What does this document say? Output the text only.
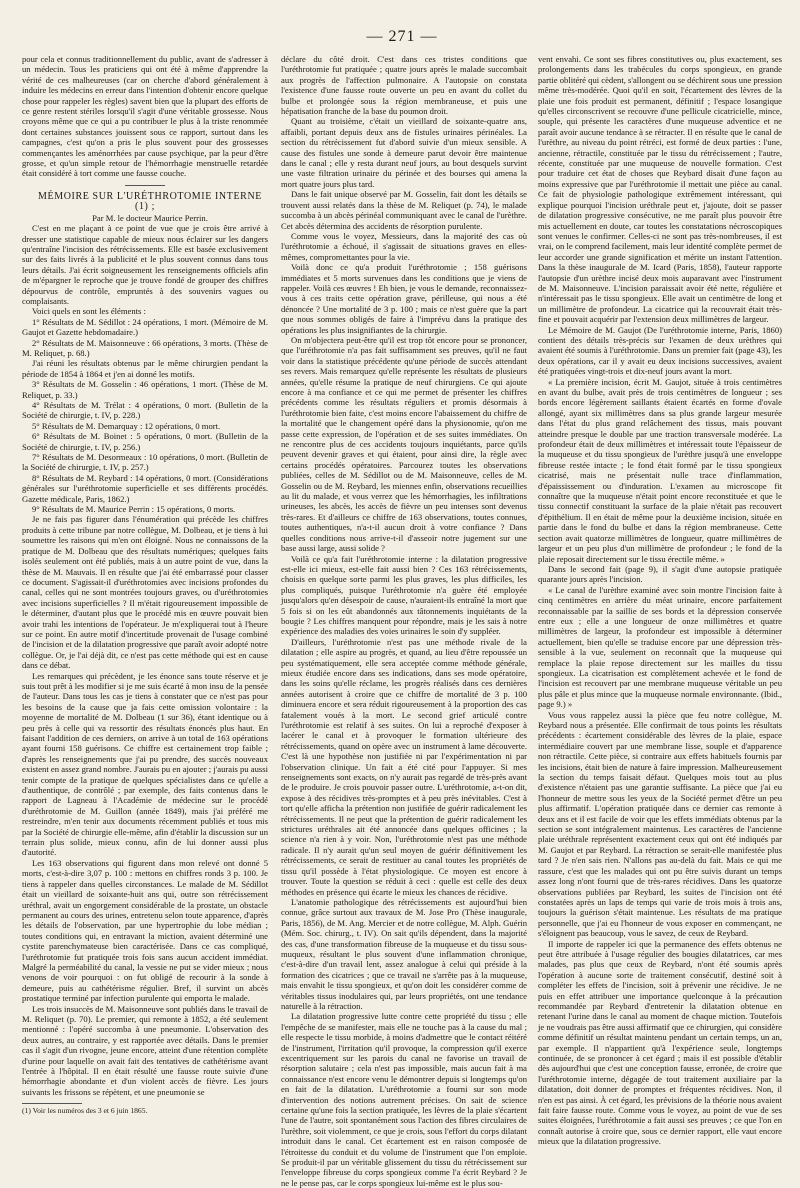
— 271 —

pour cela et connus traditionnellement du public, avant de s'adresser à un médecin. Tous les praticiens qui ont été à même d'apprendre la vérité de ces malheureuses (car on cherche d'abord généralement à induire les médecins en erreur dans l'intention d'obtenir encore quelque chose pour rappeler les règles) savent bien que la plupart des efforts de ce genre restent stériles lorsqu'il s'agit d'une véritable grossesse. Nous croyons même que ce qui a pu contribuer le plus à la triste renommée dont certaines substances jouissent sous ce rapport, surtout dans les campagnes, c'est qu'on a pris le plus souvent pour des grossesses commençantes les aménorrhées par cause psychique, par la peur d'être grosse, et qu'un simple retour de l'hémorrhagie menstruelle retardée était considéré à tort comme une fausse couche.

MÉMOIRE SUR L'URÉTHROTOMIE INTERNE (1) ;

Par M. le docteur Maurice Perrin.

C'est en me plaçant à ce point de vue que je crois être arrivé à dresser une statistique capable de mieux nous éclairer sur les dangers qu'entraîne l'incision des rétrécissements. Elle est basée exclusivement sur des faits livrés à la publicité et le plus souvent connus dans tous leurs détails. J'ai écrit soigneusement les renseignements officiels afin de m'épargner le reproche que je trouve fondé de grouper des chiffres dépourvus de contrôle, empruntés à des souvenirs vagues ou complaisants.

Voici quels en sont les éléments :

1° Résultats de M. Sédillot : 24 opérations, 1 mort. (Mémoire de M. Gaujot et Gazette hebdomadaire.)

2° Résultats de M. Maisonneuve : 66 opérations, 3 morts. (Thèse de M. Reliquet, p. 68.)

J'ai réuni les résultats obtenus par le même chirurgien pendant la période de 1854 à 1864 et j'en ai donné les motifs.

3° Résultats de M. Gosselin : 46 opérations, 1 mort. (Thèse de M. Reliquet, p. 33.)

4° Résultats de M. Trélat : 4 opérations, 0 mort. (Bulletin de la Société de chirurgie, t. IV, p. 228.)

5° Résultats de M. Demarquay : 12 opérations, 0 mort.

6° Résultats de M. Boinet : 5 opérations, 0 mort. (Bulletin de la Société de chirurgie, t. IV, p. 256.)

7° Résultats de M. Desormeaux : 10 opérations, 0 mort. (Bulletin de la Société de chirurgie, t. IV, p. 257.)

8° Résultats de M. Reybard : 14 opérations, 0 mort. (Considérations générales sur l'uréthrotomie superficielle et ses différents procédés. Gazette médicale, Paris, 1862.)

9° Résultats de M. Maurice Perrin : 15 opérations, 0 morts.

Je ne fais pas figurer dans l'énumération qui précède les chiffres produits à cette tribune par notre collègue, M. Dolbeau, et je tiens à lui soumettre les raisons qui m'en ont éloigné. Nous ne connaissons de la pratique de M. Dolbeau que des résultats numériques; quelques faits isolés seulement ont été publiés, mais à un autre point de vue, dans la thèse de M. Mauvais. Il en résulte que j'ai été embarrassé pour classer ce document. S'agissait-il d'uréthrotomies avec incisions profondes du canal, celles qui ne sont montrées toujours graves, ou d'uréthrotomies avec incisions superficielles ? Il m'était rigoureusement impossible de le déterminer, d'autant plus que le procédé mis en œuvre pouvait bien avoir trahi les intentions de l'opérateur. Je m'expliquerai tout à l'heure sur ce point. En autre motif d'incertitude provenait de l'usage combiné de l'incision et de la dilatation progressive que paraît avoir adopté notre collègue. Or, je l'ai déjà dit, ce n'est pas cette méthode qui est en cause dans ce débat.

Les remarques qui précèdent, je les énonce sans toute réserve et je suis tout prêt à les modifier si je me suis écarté à mon insu de la pensée de l'auteur. Dans tous les cas je tiens à constater que ce n'est pas pour les besoins de la cause que ja fais cette omission volontaire : la moyenne de mortalité de M. Dolbeau (1 sur 36), étant identique ou à peu près à celle qui va ressortir des résultats énoncés plus haut. En faisant l'addition de ces derniers, on arrive à un total de 163 opérations ayant fourni 158 guérisons. Ce chiffre est certainement trop faible ; d'après les renseignements que j'ai pu prendre, des succès nouveaux existent en assez grand nombre. J'aurais pu en ajouter ; j'aurais pu aussi tenir compte de la pratique de quelques spécialistes dans ce qu'elle a d'authentique, de contrôlé ; par exemple, des faits contenus dans le rapport de Lagneau à l'Académie de médecine sur le procédé d'uréthrotomie de M. Guillon (année 1849), mais j'ai préféré me restreindre, m'en tenir aux documents récemment publiés et tous mis par la Société de chirurgie elle-même, afin d'établir la discussion sur un terrain plus solide, mieux connu, afin de lui donner aussi plus d'autorité.

Les 163 observations qui figurent dans mon relevé ont donné 5 morts, c'est-à-dire 3,07 p. 100 : mettons en chiffres ronds 3 p. 100. Je tiens à rappeler dans quelles circonstances. Le malade de M. Sédillot était un vieillard de soixante-huit ans qui, outre son rétrécissement uréthral, avait un engorgement considérable de la prostate, un obstacle permanent au cours des urines, entretenu selon toute apparence, d'après les détails de l'observation, par une hypertrophie du lobe médian ; toutes conditions qui, en entravant la miction, avaient déterminé une cystite parenchymateuse bien caractérisée. Dans ce cas compliqué, l'uréthrotomie fut pratiquée trois fois sans aucun accident immédiat. Malgré la perméabilité du canal, la vessie ne put se vider mieux ; nous venons de voir pourquoi : on fut obligé de recourir à la sonde à demeure, puis au cathétérisme régulier. Bref, il survint un abcès prostatique terminé par infection purulente qui emporta le malade.

Les trois insuccès de M. Maisonneuve sont publiés dans le travail de M. Reliquet (p. 70). Le premier, qui remonte à 1852, a été seulement mentionné : l'opéré succomba à une pneumonie. L'observation des deux autres, au contraire, y est rapportée avec détails. Dans le premier cas il s'agit d'un rivogne, jeune encore, atteint d'une rétention complète d'urine pour laquelle on avait fait des tentatives de cathétérisme avant l'entrée à l'hôpital. Il en était résulté une fausse route suivie d'une hémorrhagie abondante et d'un violent accès de fièvre. Les jours suivants les frissons se répètent, et une pneumonie se

(1) Voir les numéros des 3 et 6 juin 1865.

déclare du côté droit. C'est dans ces tristes conditions que l'uréthrotomie fut pratiquée ; quatre jours après le malade succombait aux progrès de l'affection pulmonaire. A l'autopsie on constata l'existence d'une fausse route ouverte un peu en avant du collet du bulbe et prolongée sous la région membraneuse, et puis une hépatisation franche de la base du poumon droit.

Quant au troisième, c'était un vieillard de soixante-quatre ans, affaibli, portant depuis deux ans de fistules urinaires périnéales. La section du rétrécissement fut d'abord suivie d'un mieux sensible. A cause des fistules une sonde à demeure parut devoir être maintenue dans le canal ; elle y resta durant neuf jours, au bout desquels survint une vaste filtration urinaire du périnée et des bourses qui amena la mort quatre jours plus tard.

Dans le fait unique observé par M. Gosselin, fait dont les détails se trouvent aussi relatés dans la thèse de M. Reliquet (p. 74), le malade succomba à un abcès périnéal communiquant avec le canal de l'urèthre. Cet abcès détermina des accidents de résorption purulente.

Comme vous le voyez, Messieurs, dans la majorité des cas où l'uréthrotomie a échoué, il s'agissait de situations graves en elles-mêmes, compromettantes pour la vie.

Voilà donc ce qu'a produit l'uréthrotomie ; 158 guérisons immédiates et 5 morts survenues dans les conditions que je viens de rappeler. Voilà ces œuvres ! Eh bien, je vous le demande, reconnaissez-vous à ces traits cette opération grave, périlleuse, qui nous a été dénoncée ? Une mortalité de 3 p. 100 ; mais ce n'est guère que la part que nous sommes obligés de faire à l'imprévu dans la pratique des opérations les plus insignifiantes de la chirurgie.

On m'objectera peut-être qu'il est trop tôt encore pour se prononcer, que l'uréthrotomie n'a pas fait suffisamment ses preuves, qu'il ne faut voir dans la statistique précédente qu'une période de succès attendant ses revers. Mais remarquez qu'elle représente les résultats de plusieurs années, qu'elle résume la pratique de neuf chirurgiens. Ce qui ajoute encore à ma confiance et ce qui me permet de présenter les chiffres précédents comme les résultats réguliers et promis désormais à l'uréthrotomie bien faite, c'est moins encore l'abaissement du chiffre de la mortalité que le changement opéré dans la physionomie, qu'on me passe cette expression, de l'opération et de ses suites immédiates. On ne rencontre plus de ces accidents toujours inquiétants, parce qu'ils peuvent devenir graves et qui étaient, pour ainsi dire, la règle avec certains procédés opératoires. Parcourez toutes les observations publiées, celles de M. Sédillot ou de M. Maisonneuve, celles de M. Gosselin ou de M. Reybard, les miennes enfin, observations recueillies au lit du malade, et vous verrez que les hémorrhagies, les infiltrations urineuses, les abcès, les accès de fièvre un peu intenses sont devenus très-rares. Et d'ailleurs ce chiffre de 163 observations, toutes connues, toutes authentiques, n'a-t-il aucun droit à votre confiance ? Dans quelles conditions nous arrive-t-il d'asseoir notre jugement sur une base aussi large, aussi solide ?

Voilà ce qu'a fait l'uréthrotomie interne : la dilatation progressive est-elle ici mieux, est-elle fait aussi bien ? Ces 163 rétrécissements, choisis en quelque sorte parmi les plus graves, les plus difficiles, les plus compliqués, puisque l'uréthrotomie n'a guère été employée jusqu'alors qu'en désespoir de cause, n'auraient-ils entraîné la mort que 5 fois si on les eût abandonnés aux tâtonnements inquiétants de la bougie ? Les chiffres manquent pour répondre, mais je les sais à notre expérience des maladies des voies urinaires le soin d'y suppléer.

D'ailleurs, l'uréthrotomie n'est pas une méthode rivale de la dilatation ; elle aspire au progrès, et quand, au lieu d'être repoussée un peu systématiquement, elle sera acceptée comme méthode générale, mieux étudiée encore dans ses indications, dans ses mode opératoire, dans les soins qu'elle réclame, les progrès réalisés dans ces dernières années autorisent à croire que ce chiffre de mortalité de 3 p. 100 diminuera encore et sera réduit rigoureusement à la proportion des cas fatalement voués à la mort. Le second grief articulé contre l'uréthrotomie est relatif à ses suites. On lui a reproché d'exposer à lacérer le canal et à provoquer le formation ultérieure des rétrécissements, quand on opère avec un instrument à lame découverte. C'est là une hypothèse non justifiée ni par l'expérimentation ni par l'observation clinique. Un fait a été cité pour l'appuyer. Si mes renseignements sont exacts, on n'y aurait pas regardé de très-près avant de le produire. Je crois pouvoir passer outre. L'uréthrotomie, a-t-on dit, expose à des récidives très-promptes et à peu près inévitables. C'est à tort qu'elle afficha la prétention non justifiée de guérir radicalement les rétrécissements. Il ne peut que la prétention de guérir radicalement les strictures uréthrales ait été annoncée dans quelques officines ; la science n'a rien à y voir. Non, l'uréthrotomie n'est pas une méthode radicale. Il n'y aurait qu'un seul moyen de guérir définitivement les rétrécissements, ce serait de restituer au canal toutes les propriétés de tissu qu'il possède à l'état physiologique. Ce moyen est encore à trouver. Toute la question se réduit à ceci : quelle est celle des deux méthodes en présence qui écarte le mieux les chances de récidive.

L'anatomie pathologique des rétrécissements est aujourd'hui bien connue, grâce surtout aux travaux de M. Jose Pro (Thèse inaugurale, Paris, 1856), de M. Ang. Mercier et de notre collègue, M. Alph. Guérin (Mém. Soc. chirurg., t. IV). On sait qu'ils dépendent, dans la majorité des cas, d'une transformation fibreuse de la muqueuse et du tissu sous-muqueux, résultant le plus souvent d'une inflammation chronique, c'est-à-dire d'un travail lent, assez analogue à celui qui préside à la formation des cicatrices ; que ce travail ne s'arrête pas à la muqueuse, mais envahit le tissu spongieux, et qu'on doit les considérer comme de véritables tissus inodulaires qui, par leurs propriétés, ont une tendance naturelle à la rétraction.

La dilatation progressive lutte contre cette propriété du tissu ; elle l'empêche de se manifester, mais elle ne touche pas à la cause du mal ; elle respecte le tissu morbide, à moins d'admettre que le contact réitéré de l'instrument, l'irritation qu'il provoque, la compression qu'il exerce excentriquement sur les parois du canal ne favorise un travail de résorption salutaire ; cela n'est pas impossible, mais aucun fait à ma connaissance n'est encore venu le démontrer depuis si longtemps qu'on en fait de la dilatation. L'uréthrotomie a fourni sur son mode d'intervention des notions autrement précises. On sait de science certaine qu'une fois la section pratiquée, les lèvres de la plaie s'écartent l'une de l'autre, soit spontanément sous l'action des fibres circulaires de l'urèthre, soit violemment, ce que je crois, sous l'effort du corps dilatant introduit dans le canal. Cet écartement est en raison composée de l'étroitesse du conduit et du volume de l'instrument que l'on emploie. Se produit-il par un véritable glissement du tissu du rétrécissement sur l'enveloppe fibreuse du corps spongieux comme l'a écrit Reybard ? Je ne le pense pas, car le corps spongieux lui-même est le plus sou-

vent envahi. Ce sont ses fibres constitutives ou, plus exactement, ses prolongements dans les trabécules du corps spongieux, en grande partie oblitéré qui cèdent, s'allongent ou se déchirent sous une pression même très-modérée. Quoi qu'il en soit, l'écartement des lèvres de la plaie une fois produit est permanent, définitif ; l'espace losangique qu'elles circonscrivent se recouvre d'une pellicule cicatricielle, mince, souple, qui présente les caractères d'une muqueuse adventice et ne paraît avoir aucune tendance à se rétracter. Il en résulte que le canal de l'urèthre, au niveau du point rétréci, est formé de deux parties : l'une, ancienne, rétractile, constituée par le tissu du rétrécissement ; l'autre, récente, constituée par une muqueuse de nouvelle formation. C'est pour traduire cet état de choses que Reybard disait d'une façon au moins expressive que par l'uréthrotomie il mettait une pièce au canal. Ce fait de physiologie pathologique extrêmement intéressant, qui explique pourquoi l'incision uréthrale peut et, j'ajoute, doit se passer de dilatation progressive consécutive, ne me paraît plus pouvoir être mis actuellement en doute, car toutes les constatations nécroscopiques sont venues le confirmer. Celles-ci ne sont pas très-nombreuses, il est vrai, on le comprend facilement, mais leur identité complète permet de leur accorder une grande signification et mérite un instant l'attention. Dans la thèse inaugurale de M. Icard (Paris, 1858), l'auteur rapporte l'autopsie d'un urèthre incisé deux mois auparavant avec l'instrument de M. Maisonneuve. L'incision paraissait avoir été nette, régulière et n'intéressait pas le tissu spongieux. Elle avait un centimètre de long et un millimètre de profondeur. La cicatrice qui la recouvrait était très-fine et pouvait acquérir par l'extension deux millimètres de largeur.

Le Mémoire de M. Gaujot (De l'uréthrotomie interne, Paris, 1860) contient des détails très-précis sur l'examen de deux urèthres qui avaient été soumis à l'uréthrotomie. Dans un premier fait (page 43), les deux opérations, car il y avait eu deux incisions successives, avaient été pratiquées vingt-trois et dix-neuf jours avant la mort.

« La première incision, écrit M. Gaujot, située à trois centimètres en avant du bulbe, avait près de trois centimètres de longueur ; ses bords encore légèrement saillants étaient écartés en forme d'ovale allongé, ayant six millimètres dans sa plus grande largeur mesurée dans l'état du plus grand relâchement des tissus, mais pouvant atteindre presque le double par une traction transversale modérée. La profondeur était de deux millimètres et intéressait toute l'épaisseur de la muqueuse et du tissu spongieux de l'urèthre jusqu'à une enveloppe fibreuse restée intacte ; le fond était formé par le tissu spongieux cicatrisé, mais ne présentait nulle trace d'inflammation, d'épaississement ou d'induration. L'examen au microscope fit connaître que la muqueuse n'était point encore reconstituée et que le tissu connectif constituant la surface de la plaie n'était pas recouvert d'épithélium. Il en était de même pour la deuxième incision, située en partie dans le fond du bulbe et dans la région membraneuse. Cette section avait quatorze millimètres de longueur, quatre millimètres de largeur et un peu plus d'un millimètre de profondeur ; le fond de la plaie reposait directement sur le tissu érectile même. »

Dans le second fait (page 9), il s'agit d'une autopsie pratiquée quarante jours après l'incision.

« Le canal de l'urèthre examiné avec soin montre l'incision faite à cinq centimètres en arrière du méat urinaire, encore parfaitement reconnaissable par la saillie de ses bords et la dépression conservée entre eux ; elle a une longueur de onze millimètres et quatre millimètres de largeur, la profondeur est impossible à déterminer actuellement, bien qu'elle se traduise encore par une dépression très-sensible à la vue, seulement on reconnaît que la muqueuse qui remplace la plaie repose directement sur les mailles du tissu spongieux. La cicatrisation est complètement achevée et le fond de l'incision est recouvert par une membrane muqueuse véritable un peu plus pâle et plus mince que la muqueuse normale environnante. (Ibid., page 9.) »

Vous vous rappelez aussi la pièce que feu notre collègue, M. Reybard nous a présentée. Elle confirmait de tous points les résultats précédents : écartement considérable des lèvres de la plaie, espace intermédiaire couvert par une membrane lisse, souple et d'apparence non rétractile. Cette pièce, si contraire aux effets habituels fournis par les incisions, était bien de nature à faire impression. Malheureusement la section du temps faisait défaut. Quelques mois tout au plus d'existence n'étaient pas une garantie suffisante. La pièce que j'ai eu l'honneur de mettre sous les yeux de la Société permet d'être un peu plus affirmatif. L'opération pratiquée dans ce dernier cas remonte à deux ans et il est facile de voir que les effets immédiats obtenus par la section se sont intégralement maintenus. Les caractères de l'ancienne plaie uréthrale représentent exactement ceux qui ont été indiqués par M. Gaujot et par Reybard. La rétraction se serait-elle manifestée plus tard ? Je n'en sais rien. N'allons pas au-delà du fait. Mais ce qui me rassure, c'est que les malades qui ont pu être suivis durant un temps assez long n'ont fourni que de très-rares récidives. Dans les quatorze observations publiées par Reybard, les suites de l'incision ont été constatées après un laps de temps qui varie de trois mois à trois ans, toujours la guérison s'était maintenue. Les résultats de ma pratique personnelle, que j'ai eu l'honneur de vous exposer en commençant, ne s'éloignent pas beaucoup, vous le savez, de ceux de Reybard.

Il importe de rappeler ici que la permanence des effets obtenus ne peut être attribuée à l'usage régulier des bougies dilatatrices, car mes malades, pas plus que ceux de Reybard, n'ont été soumis après l'opération à aucune sorte de traitement consécutif, destiné soit à compléter les effets de l'incision, soit à prévenir une récidive. Je ne puis en effet attribuer une importance quelconque à la précaution recommandée par Reybard d'entretenir la dilatation obtenue en retenant l'urine dans le canal au moment de chaque miction. Toutefois je ne voudrais pas être aussi affirmatif que ce chirurgien, qui considère comme définitif un résultat maintenu pendant un certain temps, un an, par exemple. Il n'appartient qu'à l'expérience seule, longtemps continuée, de se prononcer à cet égard ; mais il est possible d'établir dès aujourd'hui que c'est une conception fausse, erronée, de croire que l'uréthrotomie interne, dégagée de tout traitement auxiliaire par la dilatation, doit donner de promptes et fréquentes récidives. Non, il n'en est pas ainsi. À cet égard, les prévisions de la théorie nous avaient fait faire fausse route. Comme vous le voyez, au point de vue de ses suites éloignées, l'uréthrotomie a fait aussi ses preuves ; ce que l'on en connaît autorise à croire que, sous ce dernier rapport, elle vaut encore mieux que la dilatation progressive.
